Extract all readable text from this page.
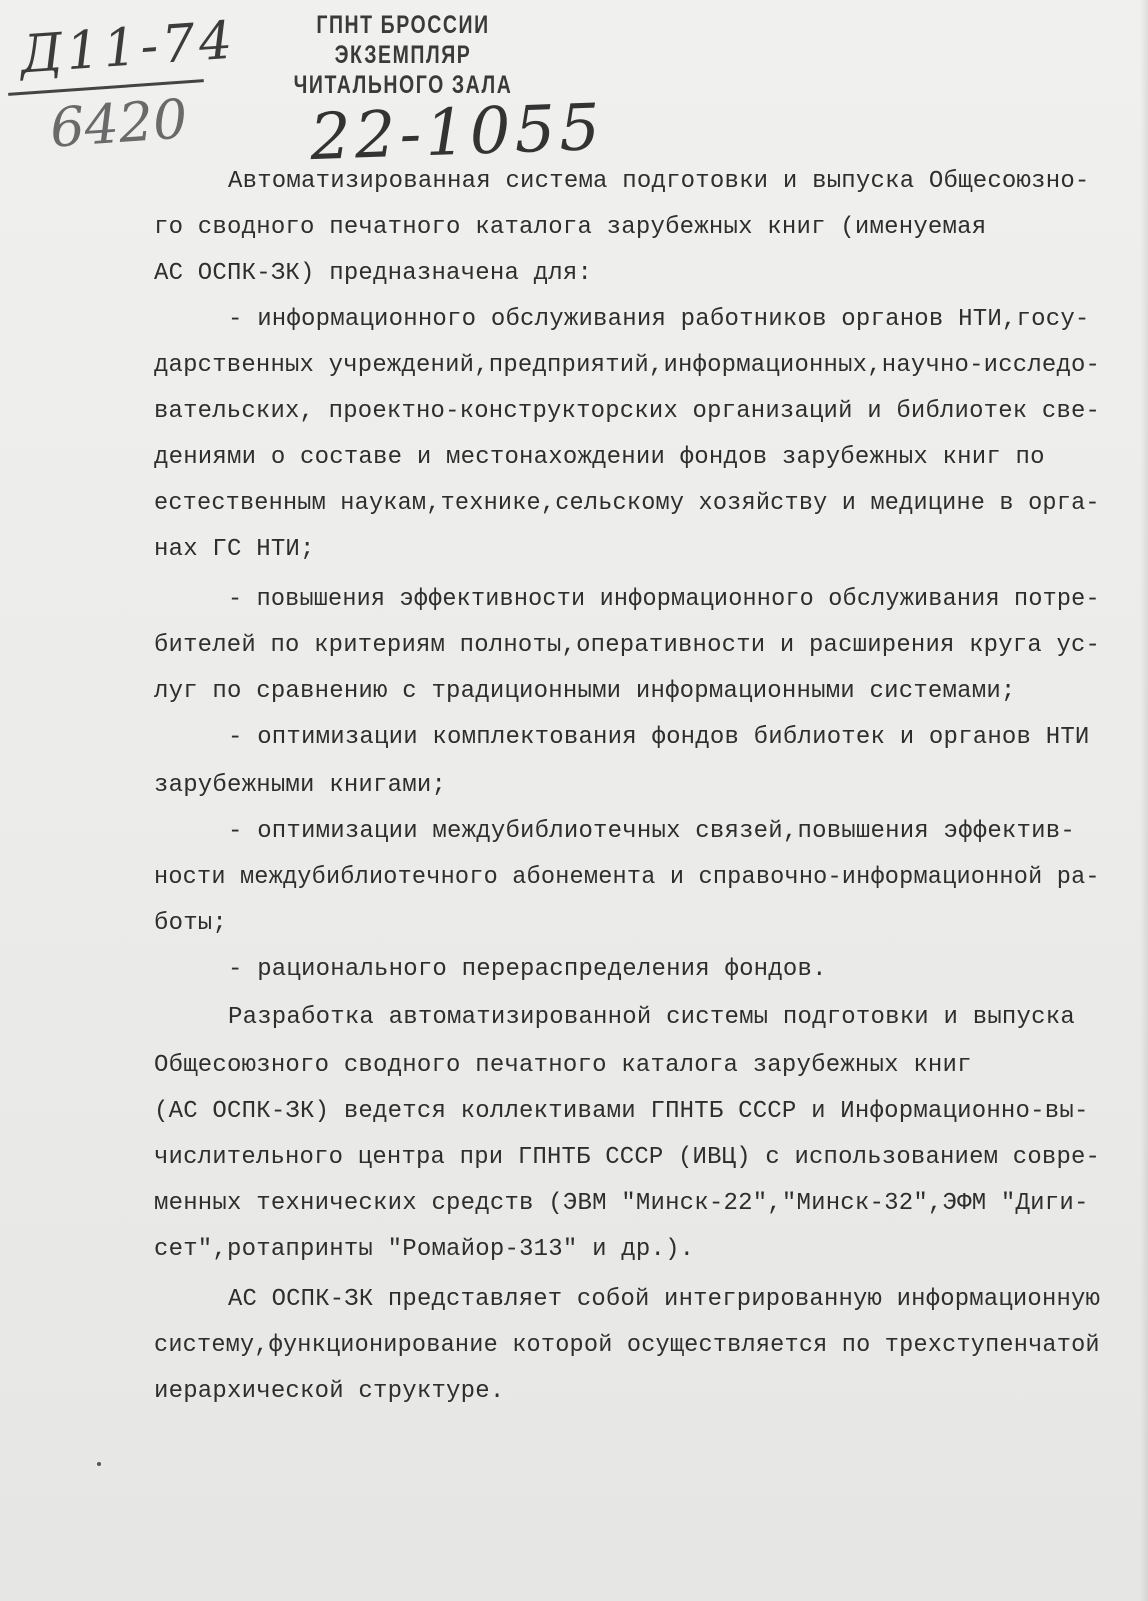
ГПНТ БРОССИИ
ЭКЗЕМПЛЯР
ЧИТАЛЬНОГО ЗАЛА
Д11-74
6420 22-1055
Автоматизированная система подготовки и выпуска Общесоюзно-
го сводного печатного каталога зарубежных книг (именуемая
АС ОСПК-ЗК) предназначена для:
- информационного обслуживания работников органов НТИ,госу-
дарственных учреждений,предприятий,информационных,научно-исследо-
вательских, проектно-конструкторских организаций и библиотек све-
дениями о составе и местонахождении фондов зарубежных книг по
естественным наукам,технике,сельскому хозяйству и медицине в орга-
нах ГС НТИ;
- повышения эффективности информационного обслуживания потре-
бителей по критериям полноты,оперативности и расширения круга ус-
луг по сравнению с традиционными информационными системами;
- оптимизации комплектования фондов библиотек и органов НТИ
зарубежными книгами;
- оптимизации междубиблиотечных связей,повышения эффектив-
ности междубиблиотечного абонемента и справочно-информационной ра-
боты;
- рационального перераспределения фондов.
Разработка автоматизированной системы подготовки и выпуска
Общесоюзного сводного печатного каталога зарубежных книг
(АС ОСПК-ЗК) ведется коллективами ГПНТБ СССР и Информационно-вы-
числительного центра при ГПНТБ СССР (ИВЦ) с использованием совре-
менных технических средств (ЭВМ "Минск-22","Минск-32",ЭФМ "Диги-
сет",ротапринты "Ромайор-313" и др.).
АС ОСПК-ЗК представляет собой интегрированную информационную
систему,функционирование которой осуществляется по трехступенчатой
иерархической структуре.
